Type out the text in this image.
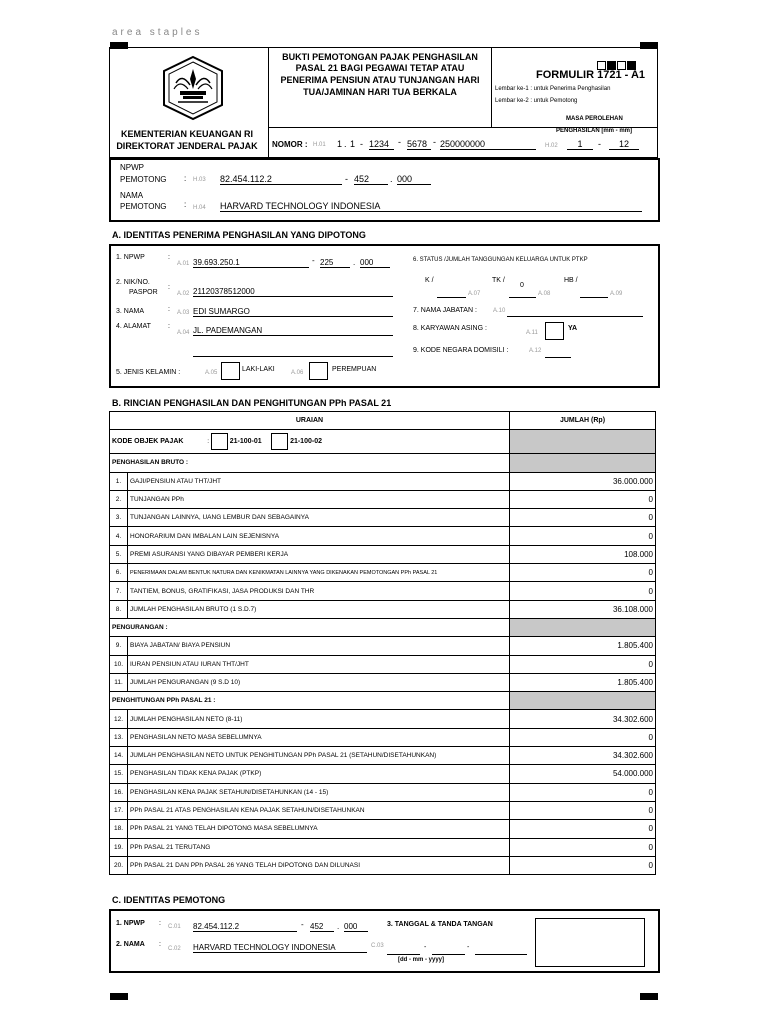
area staples
KEMENTERIAN KEUANGAN RI
DIREKTORAT JENDERAL PAJAK
BUKTI PEMOTONGAN PAJAK PENGHASILAN
PASAL 21 BAGI PEGAWAI TETAP ATAU
PENERIMA PENSIUN ATAU TUNJANGAN HARI
TUA/JAMINAN HARI TUA BERKALA
FORMULIR 1721 - A1
Lembar ke-1 : untuk Penerima Penghasilan
Lembar ke-2 : untuk Pemotong
MASA PEROLEHAN
PENGHASILAN [mm - mm]
H.02	1	-	12
NOMOR : H.01 1 . 1 - 1234 - 5678 - 250000000
NPWP
PEMOTONG : H.03 82.454.112.2	- 452	. 000
NAMA
PEMOTONG : H.04 HARVARD TECHNOLOGY INDONESIA
A. IDENTITAS PENERIMA PENGHASILAN YANG DIPOTONG
1. NPWP	:
A.01 39.693.250.1	- 225	. 000
2. NIK/NO.
PASPOR
:
A.02 21120378512000
3. NAMA	: A.03 EDI SUMARGO
4. ALAMAT :
A.04 JL. PADEMANGAN
5. JENIS KELAMIN :	A.05	LAKI-LAKI	A.06	PEREMPUAN
6. STATUS /JUMLAH TANGGUNGAN KELUARGA UNTUK PTKP
K /
A.07
TK /
0
A.08
HB /
A.09
7. NAMA JABATAN :	A.10
8. KARYAWAN ASING :
A.11
YA
9. KODE NEGARA DOMISILI :	A.12
B. RINCIAN PENGHASILAN DAN PENGHITUNGAN PPh PASAL 21
URAIAN		JUMLAH (Rp)
KODE OBJEK PAJAK : 21-100-01 21-100-02		
PENGHASILAN BRUTO :		
1.	GAJI/PENSIUN ATAU THT/JHT	36.000.000
2.	TUNJANGAN PPh	0
3.	TUNJANGAN LAINNYA, UANG LEMBUR DAN SEBAGAINYA	0
4.	HONORARIUM DAN IMBALAN LAIN SEJENISNYA	0
5.	PREMI ASURANSI YANG DIBAYAR PEMBERI KERJA	108.000
6.	PENERIMAAN DALAM BENTUK NATURA DAN KENIKMATAN LAINNYA YANG DIKENAKAN PEMOTONGAN PPh PASAL 21	0
7.	TANTIEM, BONUS, GRATIFIKASI, JASA PRODUKSI DAN THR	0
8.	JUMLAH PENGHASILAN BRUTO (1 S.D.7)	36.108.000
PENGURANGAN :		
9.	BIAYA JABATAN/ BIAYA PENSIUN	1.805.400
10.	IURAN PENSIUN ATAU IURAN THT/JHT	0
11.	JUMLAH PENGURANGAN (9 S.D 10)	1.805.400
PENGHITUNGAN PPh PASAL 21 :		
12.	JUMLAH PENGHASILAN NETO (8-11)	34.302.600
13.	PENGHASILAN NETO MASA SEBELUMNYA	0
14.	JUMLAH PENGHASILAN NETO UNTUK PENGHITUNGAN PPh PASAL 21 (SETAHUN/DISETAHUNKAN)	34.302.600
15.	PENGHASILAN TIDAK KENA PAJAK (PTKP)	54.000.000
16.	PENGHASILAN KENA PAJAK SETAHUN/DISETAHUNKAN (14 - 15)	0
17.	PPh PASAL 21 ATAS PENGHASILAN KENA PAJAK SETAHUN/DISETAHUNKAN	0
18.	PPh PASAL 21 YANG TELAH DIPOTONG MASA SEBELUMNYA	0
19.	PPh PASAL 21 TERUTANG	0
20.	PPh PASAL 21 DAN PPh PASAL 26 YANG TELAH DIPOTONG DAN DILUNASI	0
C. IDENTITAS PEMOTONG
1. NPWP : C.01 82.454.112.2	- 452	. 000
2. NAMA :
C.02 HARVARD TECHNOLOGY INDONESIA
3. TANGGAL & TANDA TANGAN
C.03	-	-
[dd - mm - yyyy]
